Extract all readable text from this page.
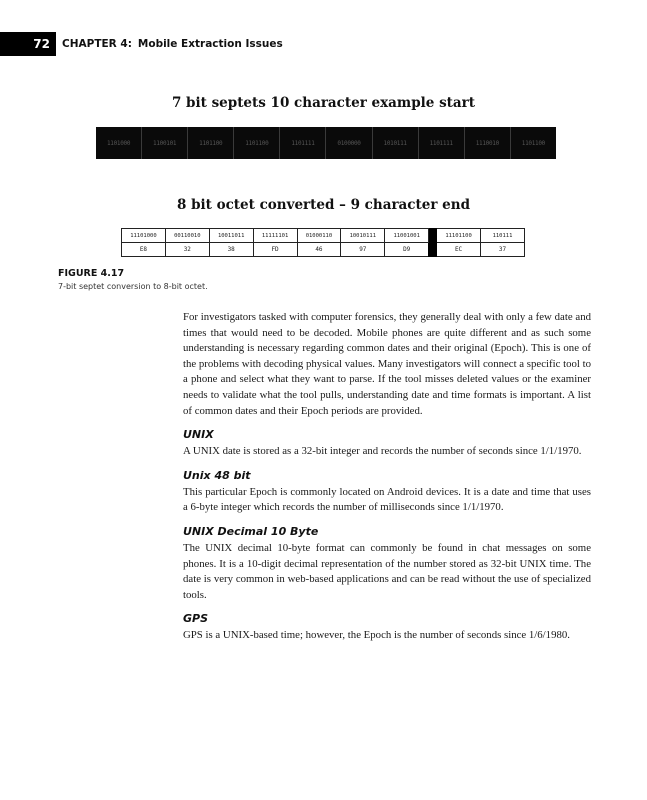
72	CHAPTER 4: Mobile Extraction Issues
7 bit septets 10 character example start
1101000	1100101	1101100	1101100	1101111	0100000	1010111	1101111	1110010	1101100
8 bit octet converted – 9 character end
11101000	00110010	10011011	11111101	01000110	10010111	11001001		11101100	110111
E8	32	38	FD	46	97	D9		EC	37
FIGURE 4.17
7-bit septet conversion to 8-bit octet.

For investigators tasked with computer forensics, they generally deal with only a few date and times that would need to be decoded. Mobile phones are quite different and as such some understanding is necessary regarding common dates and their original (Epoch). This is one of the problems with decoding physical values. Many investigators will connect a specific tool to a phone and select what they want to parse. If the tool misses deleted values or the examiner needs to validate what the tool pulls, understanding date and time formats is important. A list of common dates and their Epoch periods are provided.

UNIX

A UNIX date is stored as a 32-bit integer and records the number of seconds since 1/1/1970.

Unix 48 bit

This particular Epoch is commonly located on Android devices. It is a date and time that uses a 6-byte integer which records the number of milliseconds since 1/1/1970.

UNIX Decimal 10 Byte

The UNIX decimal 10-byte format can commonly be found in chat messages on some phones. It is a 10-digit decimal representation of the number stored as 32-bit UNIX time. The date is very common in web-based applications and can be read without the use of specialized tools.

GPS

GPS is a UNIX-based time; however, the Epoch is the number of seconds since 1/6/1980.
